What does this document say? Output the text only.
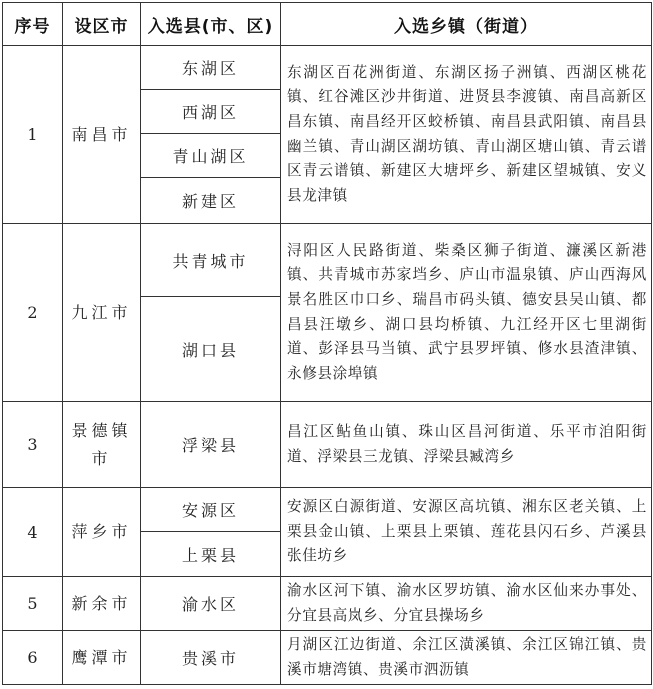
序号	设区市	入选县(市、区)	入选乡镇（街道）
1	南昌市	东湖区	东湖区百花洲街道、东湖区扬子洲镇、西湖区桃花镇、红谷滩区沙井街道、进贤县李渡镇、南昌高新区昌东镇、南昌经开区蛟桥镇、南昌县武阳镇、南昌县幽兰镇、青山湖区湖坊镇、青山湖区塘山镇、青云谱区青云谱镇、新建区大塘坪乡、新建区望城镇、安义县龙津镇
		西湖区	
		青山湖区	
		新建区	
2	九江市	共青城市	浔阳区人民路街道、柴桑区狮子街道、濂溪区新港镇、共青城市苏家垱乡、庐山市温泉镇、庐山西海风景名胜区巾口乡、瑞昌市码头镇、德安县吴山镇、都昌县汪墩乡、湖口县均桥镇、九江经开区七里湖街道、彭泽县马当镇、武宁县罗坪镇、修水县渣津镇、永修县涂埠镇
		湖口县	
3	景德镇市	浮梁县	昌江区鲇鱼山镇、珠山区昌河街道、乐平市洎阳街道、浮梁县三龙镇、浮梁县臧湾乡
4	萍乡市	安源区	安源区白源街道、安源区高坑镇、湘东区老关镇、上栗县金山镇、上栗县上栗镇、莲花县闪石乡、芦溪县张佳坊乡
		上栗县	
5	新余市	渝水区	渝水区河下镇、渝水区罗坊镇、渝水区仙来办事处、分宜县高岚乡、分宜县操场乡
6	鹰潭市	贵溪市	月湖区江边街道、余江区潢溪镇、余江区锦江镇、贵溪市塘湾镇、贵溪市泗沥镇
